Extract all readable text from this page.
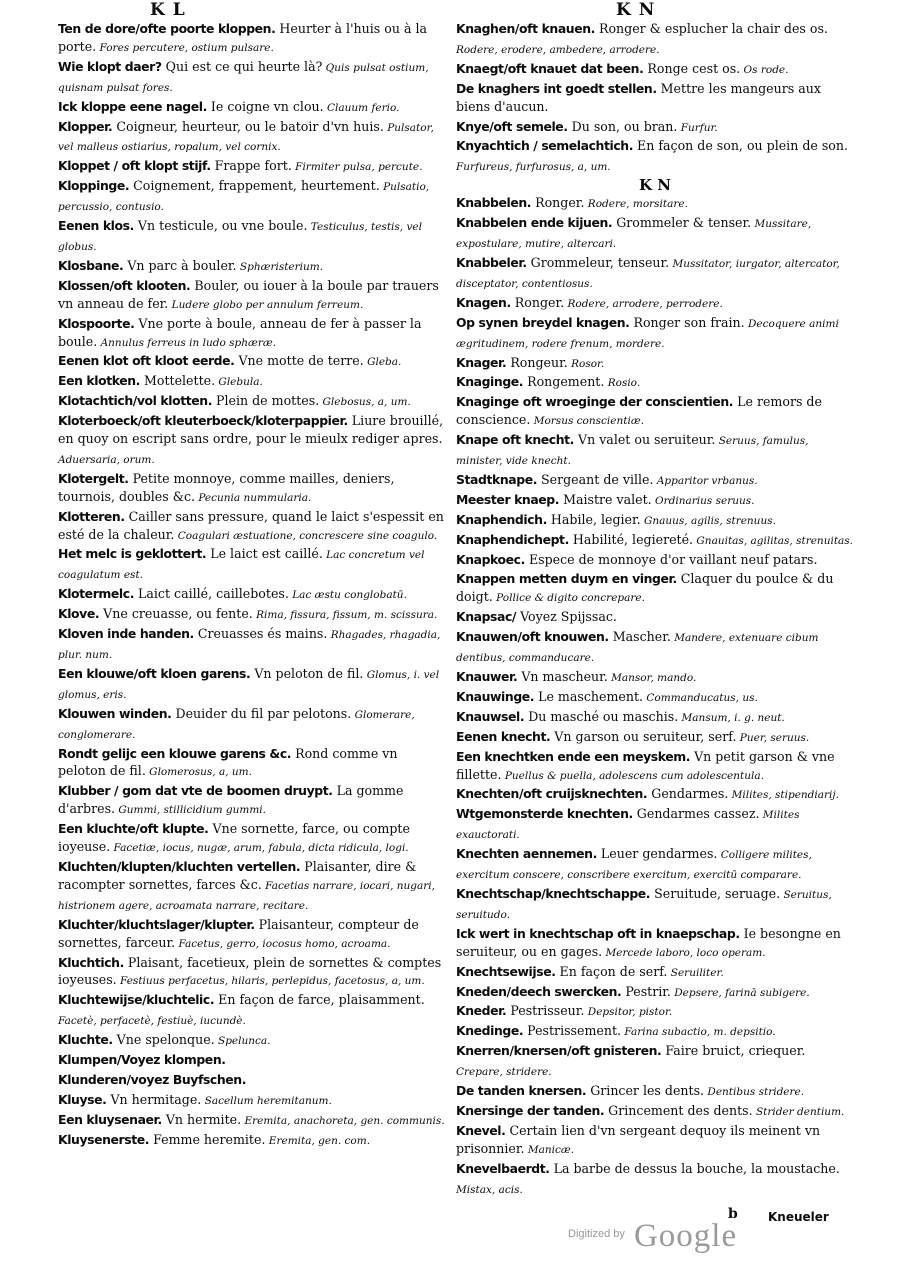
K L	K N
Ten de dore/ofte poorte kloppen. Heurter à l'huis ou à la porte. Fores percutere, ostium pulsare.
Wie klopt daer? Qui est ce qui heurte là? Quis pulsat ostium, quisnam pulsat fores.
Ick kloppe eene nagel. Ie coigne vn clou. Clauum ferio.
Klopper. Coigneur, heurteur, ou le batoir d'vn huis. Pulsator, vel malleus ostiarius, ropalum, vel cornix.
Kloppet / oft klopt stijf. Frappe fort. Firmiter pulsa, percute.
Kloppinge. Coignement, frappement, heurtement. Pulsatio, percussio, contusio.
Eenen klos. Vn testicule, ou vne boule. Testiculus, testis, vel globus.
Klosbane. Vn parc à bouler. Sphæristerium.
Klossen/oft klooten. Bouler, ou iouer à la boule par trauers vn anneau de fer. Ludere globo per annulum ferreum.
Klospoorte. Vne porte à boule, anneau de fer à passer la boule. Annulus ferreus in ludo sphæræ.
Eenen klot oft kloot eerde. Vne motte de terre. Gleba.
Een klotken. Mottelette. Glebula.
Klotachtich/vol klotten. Plein de mottes. Glebosus, a, um.
Kloterboeck/oft kleuterboeck/kloterpappier. Liure brouillé, en quoy on escript sans ordre, pour le mieulx rediger apres. Aduersaria, orum.
Klotergelt. Petite monnoye, comme mailles, deniers, tournois, doubles &c. Pecunia nummularia.
Klotteren. Cailler sans pressure, quand le laict s'espessit en esté de la chaleur. Coagulari æstuatione, concrescere sine coagulo.
Het melc is geklottert. Le laict est caillé. Lac concretum vel coagulatum est.
Klotermelc. Laict caillé, caillebotes. Lac æstu conglobatū.
Klove. Vne creuasse, ou fente. Rima, fissura, fissum, m. scissura.
Kloven inde handen. Creuasses és mains. Rhagades, rhagadia, plur. num.
Een klouwe/oft kloen garens. Vn peloton de fil. Glomus, i. vel glomus, eris.
Klouwen winden. Deuider du fil par pelotons. Glomerare, conglomerare.
Rondt gelijc een klouwe garens &c. Rond comme vn peloton de fil. Glomerosus, a, um.
Klubber / gom dat vte de boomen druypt. La gomme d'arbres. Gummi, stillicidium gummi.
Een kluchte/oft klupte. Vne sornette, farce, ou compte ioyeuse. Facetiæ, iocus, nugæ, arum, fabula, dicta ridicula, logi.
Kluchten/klupten/kluchten vertellen. Plaisanter, dire & racompter sornettes, farces &c. Facetias narrare, iocari, nugari, histrionem agere, acroamata narrare, recitare.
Kluchter/kluchtslager/klupter. Plaisanteur, compteur de sornettes, farceur. Facetus, gerro, iocosus homo, acroama.
Kluchtich. Plaisant, facetieux, plein de sornettes & comptes ioyeuses. Festiuus perfacetus, hilaris, perlepidus, facetosus, a, um.
Kluchtewijse/kluchtelic. En façon de farce, plaisamment. Facetè, perfacetè, festiuè, iucundè.
Kluchte. Vne spelonque. Spelunca.
Klumpen/Voyez klompen.
Klunderen/voyez Buyfschen.
Kluyse. Vn hermitage. Sacellum heremitanum.
Een kluysenaer. Vn hermite. Eremita, anachoreta, gen. communis.
Kluysenerste. Femme heremite. Eremita, gen. com.
Knaghen/oft knauen. Ronger & esplucher la chair des os. Rodere, erodere, ambedere, arrodere.
Knaegt/oft knauet dat been. Ronge cest os. Os rode.
De knaghers int goedt stellen. Mettre les mangeurs aux biens d'aucun.
Knye/oft semele. Du son, ou bran. Furfur.
Knyachtich / semelachtich. En façon de son, ou plein de son. Furfureus, furfurosus, a, um.
K N
Knabbelen. Ronger. Rodere, morsitare.
Knabbelen ende kijuen. Grommeler & tenser. Mussitare, expostulare, mutire, altercari.
Knabbeler. Grommeleur, tenseur. Mussitator, iurgator, altercator, disceptator, contentiosus.
Knagen. Ronger. Rodere, arrodere, perrodere.
Op synen breydel knagen. Ronger son frain. Decoquere animi ægritudinem, rodere frenum, mordere.
Knager. Rongeur. Rosor.
Knaginge. Rongement. Rosio.
Knaginge oft wroeginge der conscientien. Le remors de conscience. Morsus conscientiæ.
Knape oft knecht. Vn valet ou seruiteur. Seruus, famulus, minister, vide knecht.
Stadtknape. Sergeant de ville. Apparitor vrbanus.
Meester knaep. Maistre valet. Ordinarius seruus.
Knaphendich. Habile, legier. Gnauus, agilis, strenuus.
Knaphendichept. Habilité, legiereté. Gnauitas, agilitas, strenuitas.
Knapkoec. Espece de monnoye d'or vaillant neuf patars.
Knappen metten duym en vinger. Claquer du poulce & du doigt. Pollice & digito concrepare.
Knapsac/ Voyez Spijssac.
Knauwen/oft knouwen. Mascher. Mandere, extenuare cibum dentibus, commanducare.
Knauwer. Vn mascheur. Mansor, mando.
Knauwinge. Le maschement. Commanducatus, us.
Knauwsel. Du masché ou maschis. Mansum, i. g. neut.
Eenen knecht. Vn garson ou seruiteur, serf. Puer, seruus.
Een knechtken ende een meyskem. Vn petit garson & vne fillette. Puellus & puella, adolescens cum adolescentula.
Knechten/oft cruijsknechten. Gendarmes. Milites, stipendiarij.
Wtgemonsterde knechten. Gendarmes cassez. Milites exauctorati.
Knechten aennemen. Leuer gendarmes. Colligere milites, exercitum conscere, conscribere exercitum, exercitū comparare.
Knechtschap/knechtschappe. Seruitude, seruage. Seruitus, seruitudo.
Ick wert in knechtschap oft in knaepschap. Ie besongne en seruiteur, ou en gages. Mercede laboro, loco operam.
Knechtsewijse. En façon de serf. Seruiliter.
Kneden/deech swercken. Pestrir. Depsere, farinā subigere.
Kneder. Pestrisseur. Depsitor, pistor.
Knedinge. Pestrissement. Farina subactio, m. depsitio.
Knerren/knersen/oft gnisteren. Faire bruict, criequer. Crepare, stridere.
De tanden knersen. Grincer les dents. Dentibus stridere.
Knersinge der tanden. Grincement des dents. Strider dentium.
Knevel. Certain lien d'vn sergeant dequoy ils meinent vn prisonnier. Manicæ.
Knevelbaerdt. La barbe de dessus la bouche, la moustache. Mistax, acis.
b	Kneueler
$^{Digitized by}$ Google
